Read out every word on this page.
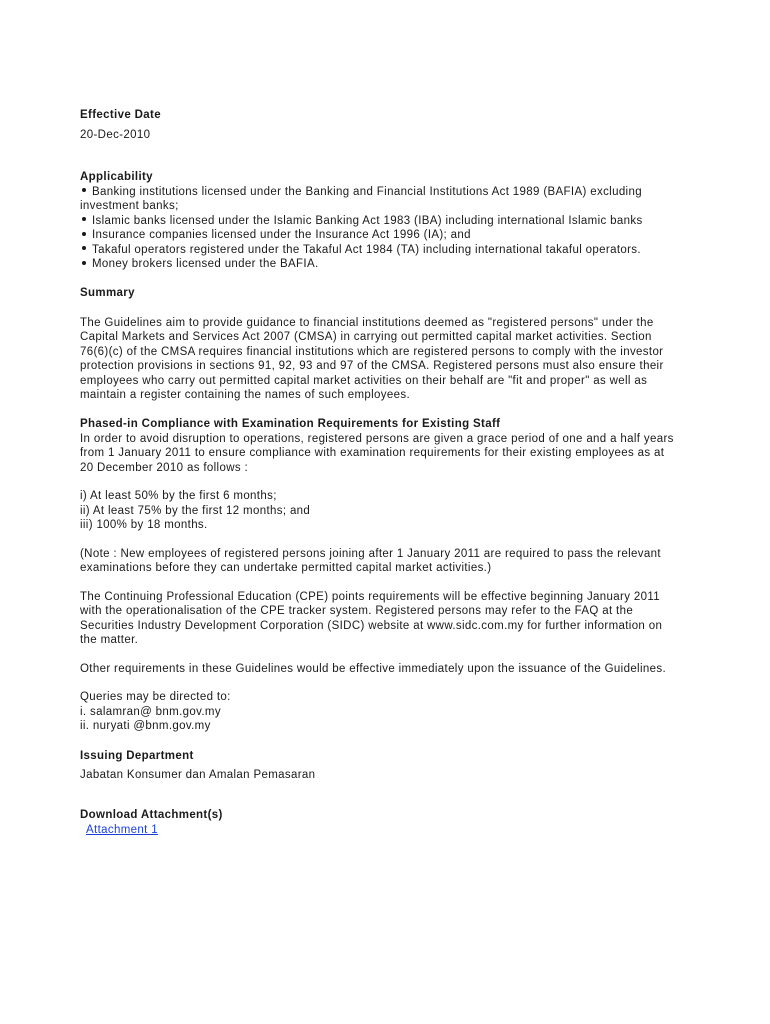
Effective Date

20-Dec-2010

Applicability

Banking institutions licensed under the Banking and Financial Institutions Act 1989 (BAFIA) excluding investment banks;
Islamic banks licensed under the Islamic Banking Act 1983 (IBA) including international Islamic banks
Insurance companies licensed under the Insurance Act 1996 (IA); and
Takaful operators registered under the Takaful Act 1984 (TA) including international takaful operators.
Money brokers licensed under the BAFIA.

Summary

The Guidelines aim to provide guidance to financial institutions deemed as "registered persons" under the Capital Markets and Services Act 2007 (CMSA) in carrying out permitted capital market activities. Section 76(6)(c) of the CMSA requires financial institutions which are registered persons to comply with the investor protection provisions in sections 91, 92, 93 and 97 of the CMSA. Registered persons must also ensure their employees who carry out permitted capital market activities on their behalf are "fit and proper" as well as maintain a register containing the names of such employees.

Phased-in Compliance with Examination Requirements for Existing Staff

In order to avoid disruption to operations, registered persons are given a grace period of one and a half years from 1 January 2011 to ensure compliance with examination requirements for their existing employees as at 20 December 2010 as follows :

i) At least 50% by the first 6 months;

ii) At least 75% by the first 12 months; and

iii) 100% by 18 months.

(Note : New employees of registered persons joining after 1 January 2011 are required to pass the relevant examinations before they can undertake permitted capital market activities.)

The Continuing Professional Education (CPE) points requirements will be effective beginning January 2011 with the operationalisation of the CPE tracker system. Registered persons may refer to the FAQ at the Securities Industry Development Corporation (SIDC) website at www.sidc.com.my for further information on the matter.

Other requirements in these Guidelines would be effective immediately upon the issuance of the Guidelines.

Queries may be directed to:

i. salamran@ bnm.gov.my

ii. nuryati @bnm.gov.my

Issuing Department

Jabatan Konsumer dan Amalan Pemasaran

Download Attachment(s)

Attachment 1
